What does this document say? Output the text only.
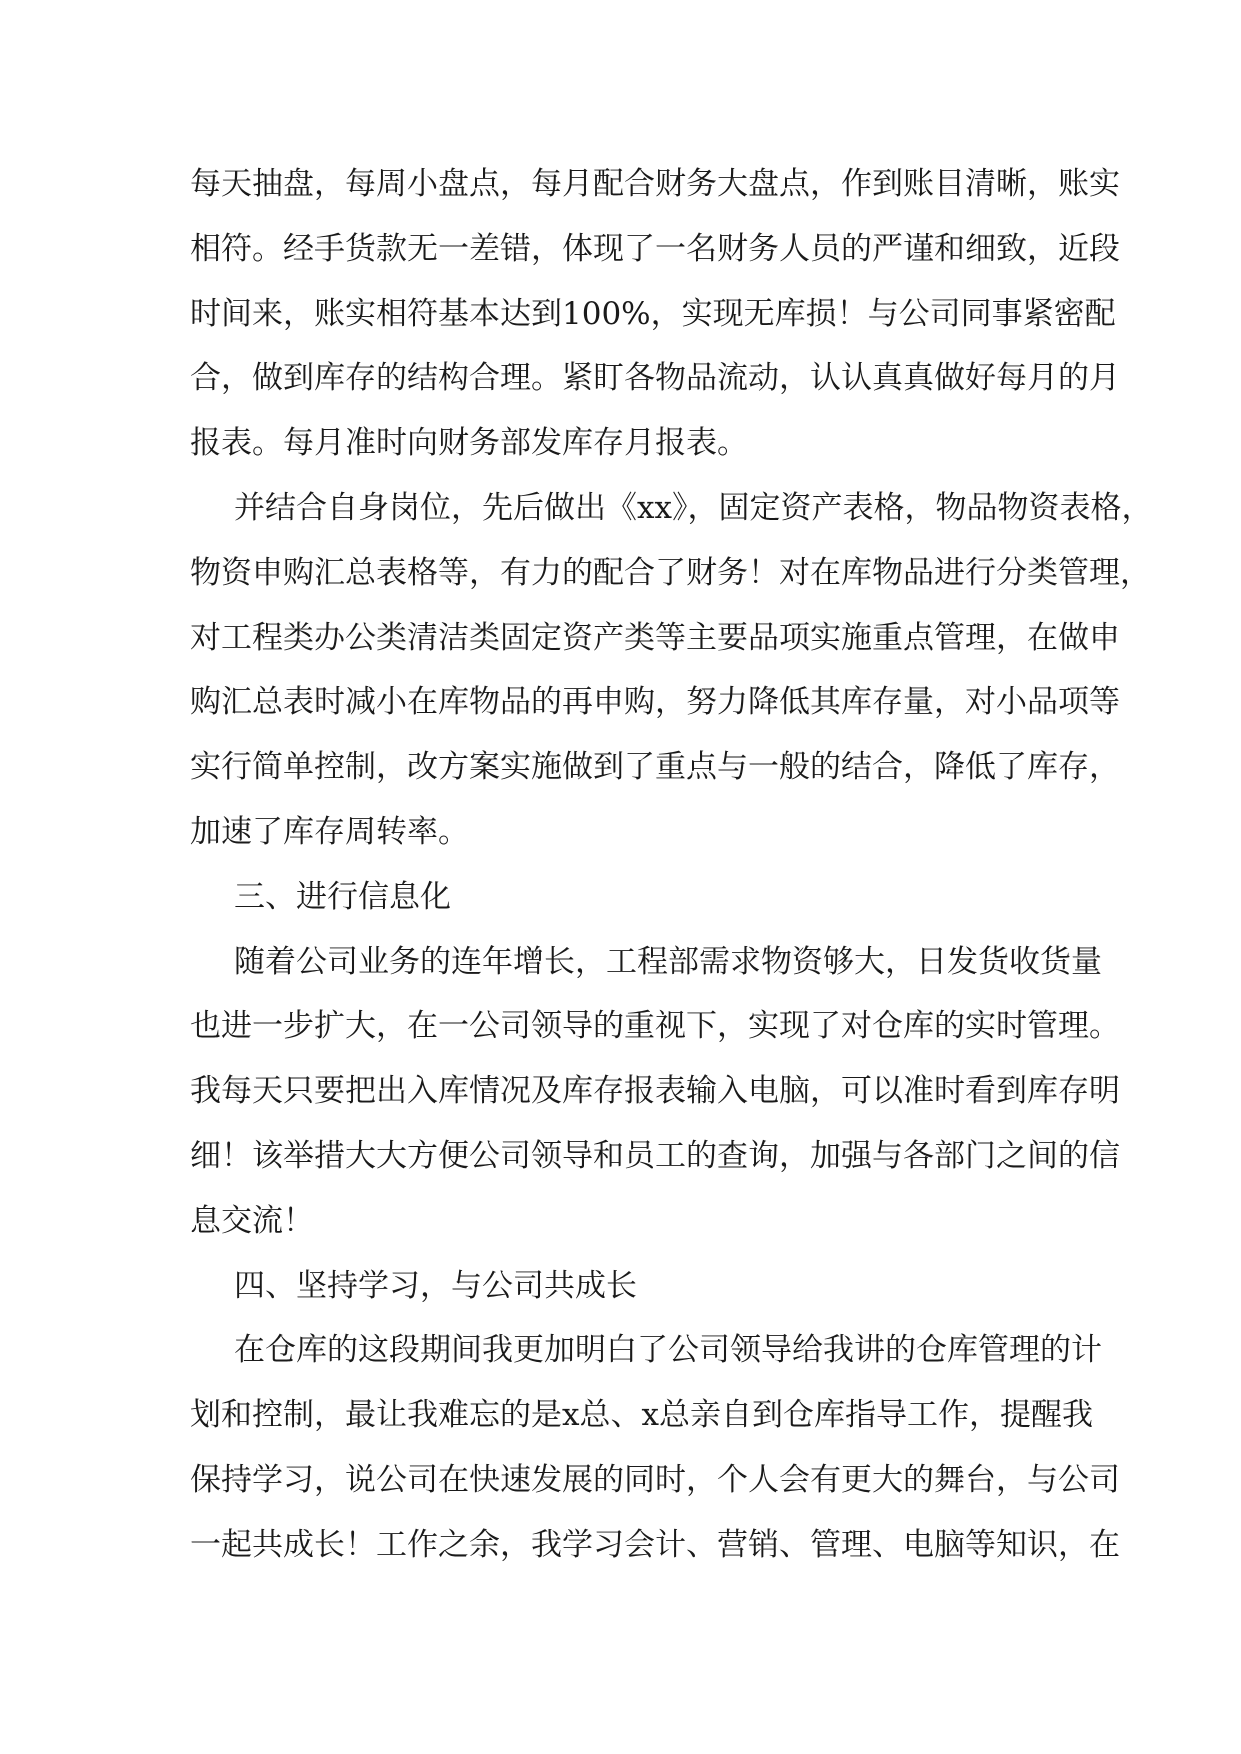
每天抽盘，每周小盘点，每月配合财务大盘点，作到账目清晰，账实
相符。经手货款无一差错，体现了一名财务人员的严谨和细致，近段
时间来，账实相符基本达到100%，实现无库损！与公司同事紧密配
合，做到库存的结构合理。紧盯各物品流动，认认真真做好每月的月
报表。每月准时向财务部发库存月报表。
并结合自身岗位，先后做出《xx》，固定资产表格，物品物资表格，
物资申购汇总表格等，有力的配合了财务！对在库物品进行分类管理，
对工程类办公类清洁类固定资产类等主要品项实施重点管理，在做申
购汇总表时减小在库物品的再申购，努力降低其库存量，对小品项等
实行简单控制，改方案实施做到了重点与一般的结合，降低了库存，
加速了库存周转率。
三、进行信息化
随着公司业务的连年增长，工程部需求物资够大，日发货收货量
也进一步扩大，在一公司领导的重视下，实现了对仓库的实时管理。
我每天只要把出入库情况及库存报表输入电脑，可以准时看到库存明
细！该举措大大方便公司领导和员工的查询，加强与各部门之间的信
息交流！
四、坚持学习，与公司共成长
在仓库的这段期间我更加明白了公司领导给我讲的仓库管理的计
划和控制，最让我难忘的是x总、x总亲自到仓库指导工作，提醒我
保持学习，说公司在快速发展的同时，个人会有更大的舞台，与公司
一起共成长！工作之余，我学习会计、营销、管理、电脑等知识，在
